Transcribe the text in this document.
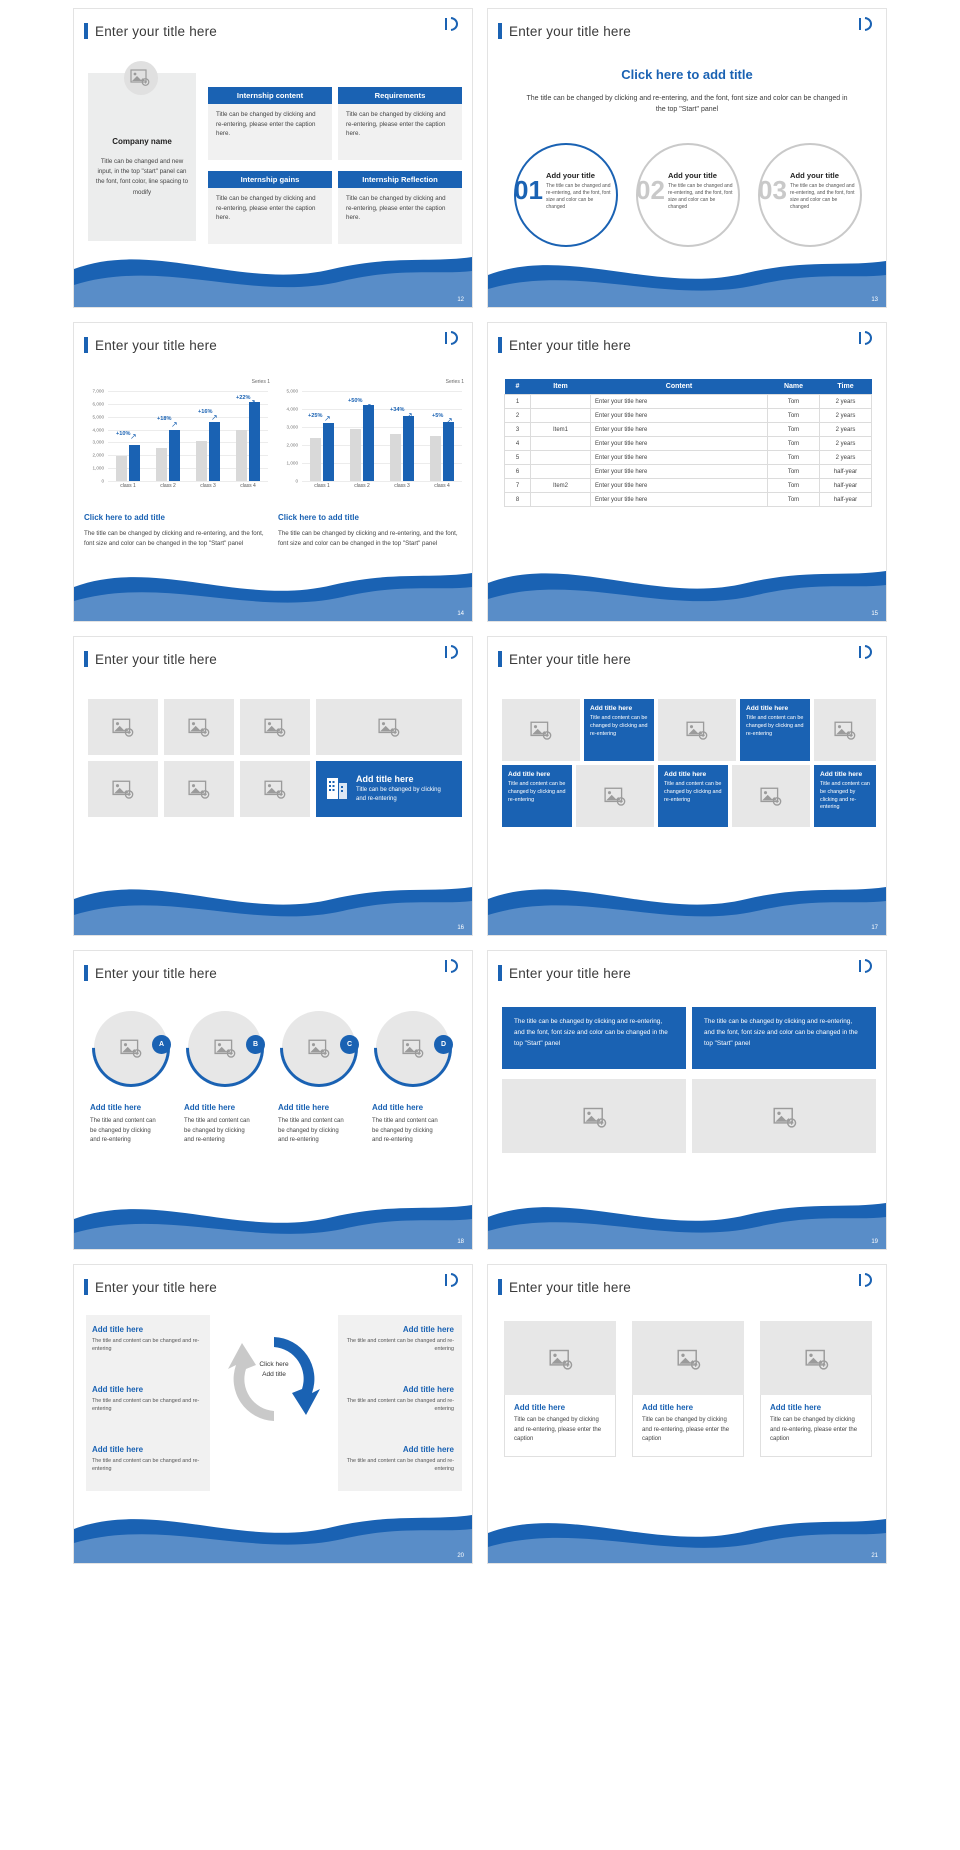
Enter your title here
Company name
Title can be changed and new input, in the top "start" panel can the font, font color, line spacing to modify
Internship content
Title can be changed by clicking and re-entering, please enter the caption here.
Requirements
Title can be changed by clicking and re-entering, please enter the caption here.
Internship gains
Title can be changed by clicking and re-entering, please enter the caption here.
Internship Reflection
Title can be changed by clicking and re-entering, please enter the caption here.
12
Enter your title here
Click here to add title
The title can be changed by clicking and re-entering, and the font, font size and color can be changed in the top "Start" panel
01 Add your title

The title can be changed and re-entering, and the font, font size and color can be changed

02 Add your title

The title can be changed and re-entering, and the font, font size and color can be changed

03 Add your title

The title can be changed and re-entering, and the font, font size and color can be changed

13
Enter your title here
Series 1
7,000
6,000
5,000
4,000
3,000
2,000
1,000
0
+10%
+18%
+16%
+22%
↗
↗
↗
↗
class 1	class 2	class 3	class 4
Series 1
5,000
4,000
3,000
2,000
1,000
0
+25%
+50%
+34%
+5%
↗
↗
↗
↗
class 1	class 2	class 3	class 4
Click here to add title
The title can be changed by clicking and re-entering, and the font, font size and color can be changed in the top "Start" panel
Click here to add title
The title can be changed by clicking and re-entering, and the font, font size and color can be changed in the top "Start" panel
14
Enter your title here
#	Item	Content	Name	Time
1		Enter your title here	Tom	2 years
2		Enter your title here	Tom	2 years
3	Item1	Enter your title here	Tom	2 years
4		Enter your title here	Tom	2 years
5		Enter your title here	Tom	2 years
6		Enter your title here	Tom	half-year
7	Item2	Enter your title here	Tom	half-year
8		Enter your title here	Tom	half-year
15
Enter your title here
Add title here

Title can be changed by clicking and re-entering

16
Enter your title here
Add title here

Title and content can be changed by clicking and re-entering

Add title here

Title and content can be changed by clicking and re-entering

Add title here

Title and content can be changed by clicking and re-entering

Add title here

Title and content can be changed by clicking and re-entering

Add title here

Title and content can be changed by clicking and re-entering

17
Enter your title here
A	B	C	D
Add title here
The title and content can be changed by clicking and re-entering
Add title here
The title and content can be changed by clicking and re-entering
Add title here
The title and content can be changed by clicking and re-entering
Add title here
The title and content can be changed by clicking and re-entering
18
Enter your title here
The title can be changed by clicking and re-entering, and the font, font size and color can be changed in the top "Start" panel
The title can be changed by clicking and re-entering, and the font, font size and color can be changed in the top "Start" panel
19
Enter your title here
Add title here

The title and content can be changed and re-entering

Add title here

The title and content can be changed and re-entering

Add title here

The title and content can be changed and re-entering

Add title here

The title and content can be changed and re-entering

Add title here

The title and content can be changed and re-entering

Add title here

The title and content can be changed and re-entering

Click here
Add title
20
Enter your title here
Add title here

Title can be changed by clicking and re-entering, please enter the caption

Add title here

Title can be changed by clicking and re-entering, please enter the caption

Add title here

Title can be changed by clicking and re-entering, please enter the caption

21
